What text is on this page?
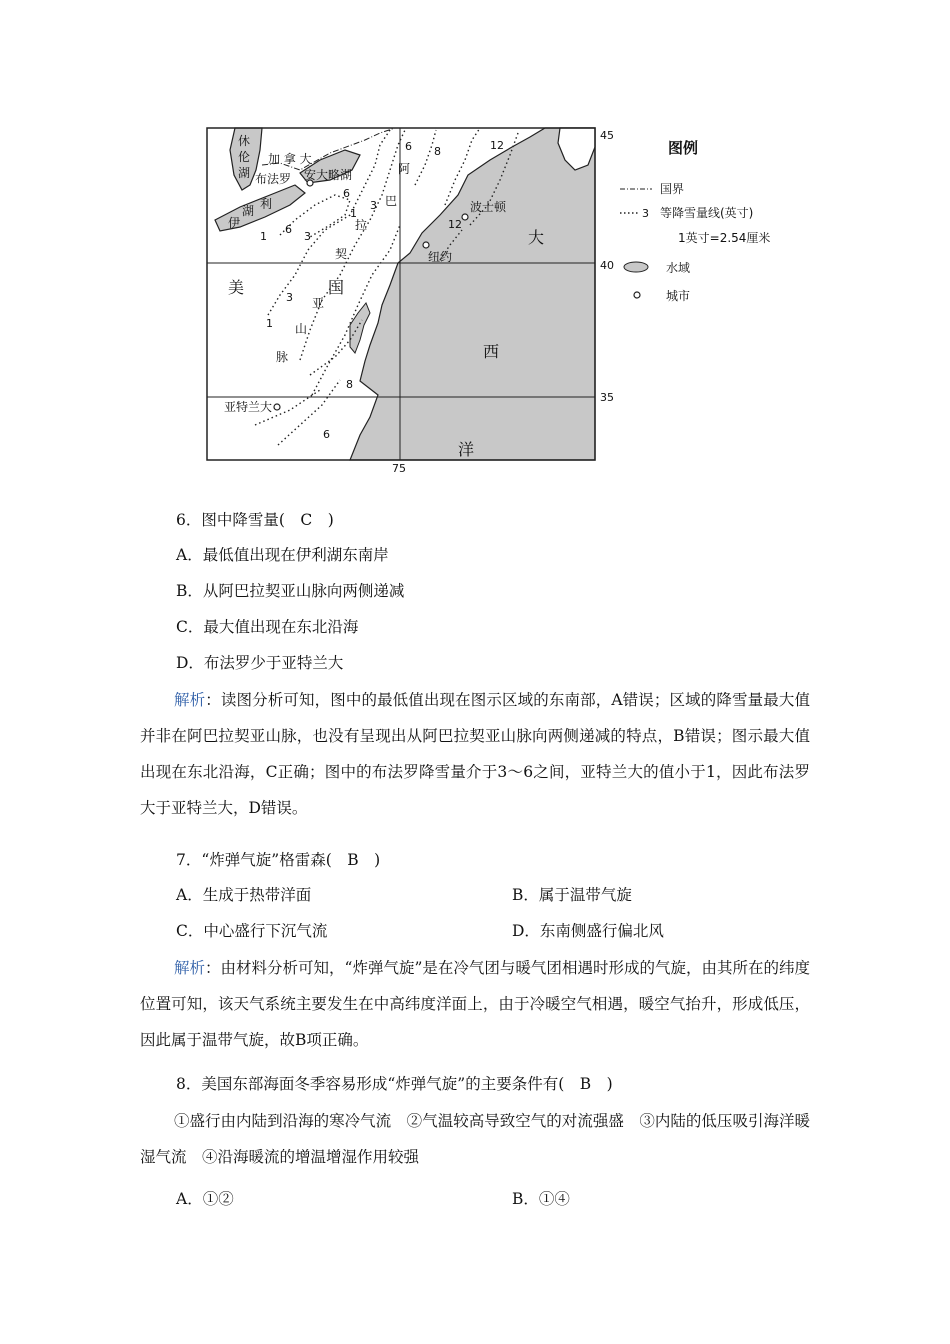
休
伦
湖
加 拿 大
安大略湖
布法罗
湖 利
伊
波士顿
纽约
亚特兰大
阿
巴
拉
契
亚
山
脉
美	国
大
西
洋
6 8	12
6
3
1
6
3
1
3
1
12
8
6
45
40
35
75
图例
国界
3 等降雪量线(英寸)
1英寸=2.54厘米
水域
城市
6．图中降雪量(　C　)
A．最低值出现在伊利湖东南岸
B．从阿巴拉契亚山脉向两侧递减
C．最大值出现在东北沿海
D．布法罗少于亚特兰大
解析：读图分析可知，图中的最低值出现在图示区域的东南部，A错误；区域的降雪量最大值并非在阿巴拉契亚山脉，也没有呈现出从阿巴拉契亚山脉向两侧递减的特点，B错误；图示最大值出现在东北沿海，C正确；图中的布法罗降雪量介于3～6之间，亚特兰大的值小于1，因此布法罗大于亚特兰大，D错误。
7．“炸弹气旋”格雷森(　B　)
A．生成于热带洋面	B．属于温带气旋
C．中心盛行下沉气流	D．东南侧盛行偏北风
解析：由材料分析可知，“炸弹气旋”是在冷气团与暖气团相遇时形成的气旋，由其所在的纬度位置可知，该天气系统主要发生在中高纬度洋面上，由于冷暖空气相遇，暖空气抬升，形成低压，因此属于温带气旋，故B项正确。
8．美国东部海面冬季容易形成“炸弹气旋”的主要条件有(　B　)
①盛行由内陆到沿海的寒冷气流　②气温较高导致空气的对流强盛　③内陆的低压吸引海洋暖湿气流　④沿海暖流的增温增湿作用较强
A．①②	B．①④
